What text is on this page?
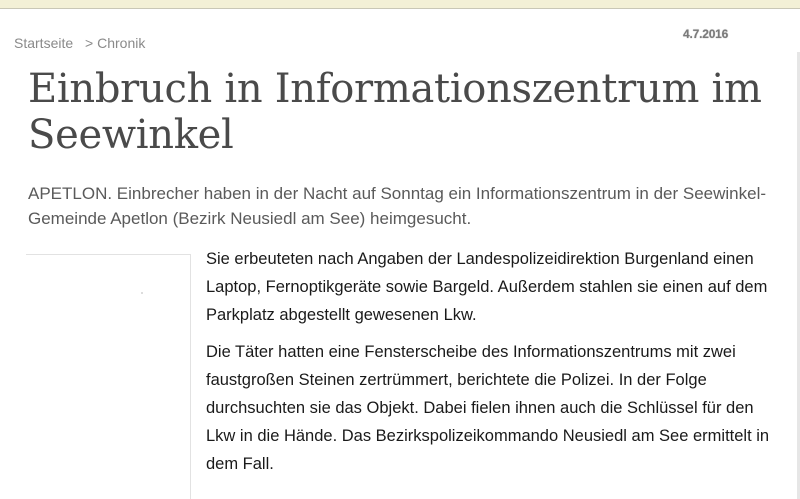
Startseite > Chronik
4.7.2016
Einbruch in Informationszentrum im Seewinkel

APETLON. Einbrecher haben in der Nacht auf Sonntag ein Informationszentrum in der Seewinkel-Gemeinde Apetlon (Bezirk Neusiedl am See) heimgesucht.

Sie erbeuteten nach Angaben der Landespolizeidirektion Burgenland einen Laptop, Fernoptikgeräte sowie Bargeld. Außerdem stahlen sie einen auf dem Parkplatz abgestellt gewesenen Lkw.

Die Täter hatten eine Fensterscheibe des Informationszentrums mit zwei faustgroßen Steinen zertrümmert, berichtete die Polizei. In der Folge durchsuchten sie das Objekt. Dabei fielen ihnen auch die Schlüssel für den Lkw in die Hände. Das Bezirkspolizeikommando Neusiedl am See ermittelt in dem Fall.
